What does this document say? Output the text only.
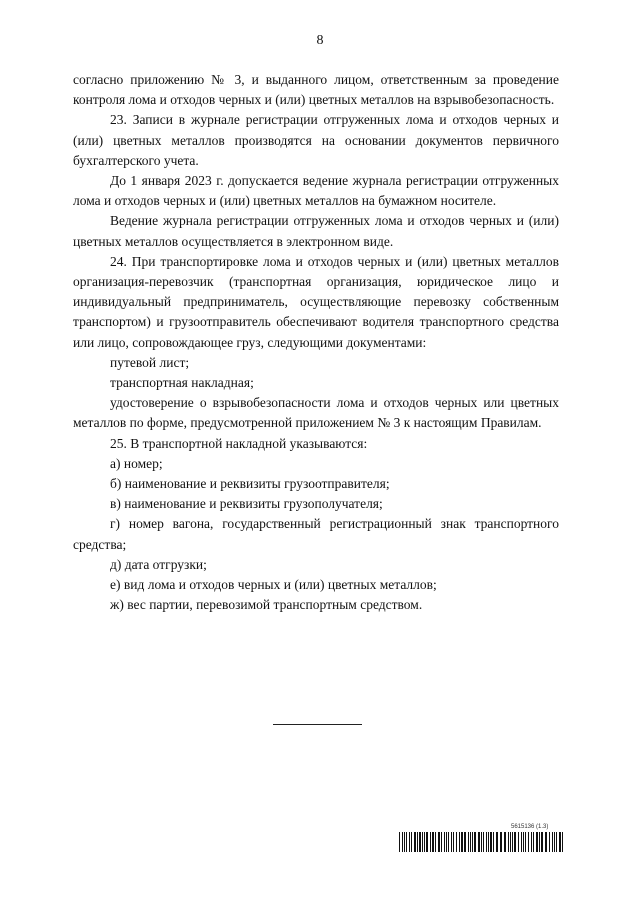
8

согласно приложению № 3, и выданного лицом, ответственным за проведение контроля лома и отходов черных и (или) цветных металлов на взрывобезопасность.

23. Записи в журнале регистрации отгруженных лома и отходов черных и (или) цветных металлов производятся на основании документов первичного бухгалтерского учета.

До 1 января 2023 г. допускается ведение журнала регистрации отгруженных лома и отходов черных и (или) цветных металлов на бумажном носителе.

Ведение журнала регистрации отгруженных лома и отходов черных и (или) цветных металлов осуществляется в электронном виде.

24. При транспортировке лома и отходов черных и (или) цветных металлов организация-перевозчик (транспортная организация, юридическое лицо и индивидуальный предприниматель, осуществляющие перевозку собственным транспортом) и грузоотправитель обеспечивают водителя транспортного средства или лицо, сопровождающее груз, следующими документами:

путевой лист;

транспортная накладная;

удостоверение о взрывобезопасности лома и отходов черных или цветных металлов по форме, предусмотренной приложением № 3 к настоящим Правилам.

25. В транспортной накладной указываются:

а) номер;

б) наименование и реквизиты грузоотправителя;

в) наименование и реквизиты грузополучателя;

г) номер вагона, государственный регистрационный знак транспортного средства;

д) дата отгрузки;

е) вид лома и отходов черных и (или) цветных металлов;

ж) вес партии, перевозимой транспортным средством.

5615136 (1.3)
